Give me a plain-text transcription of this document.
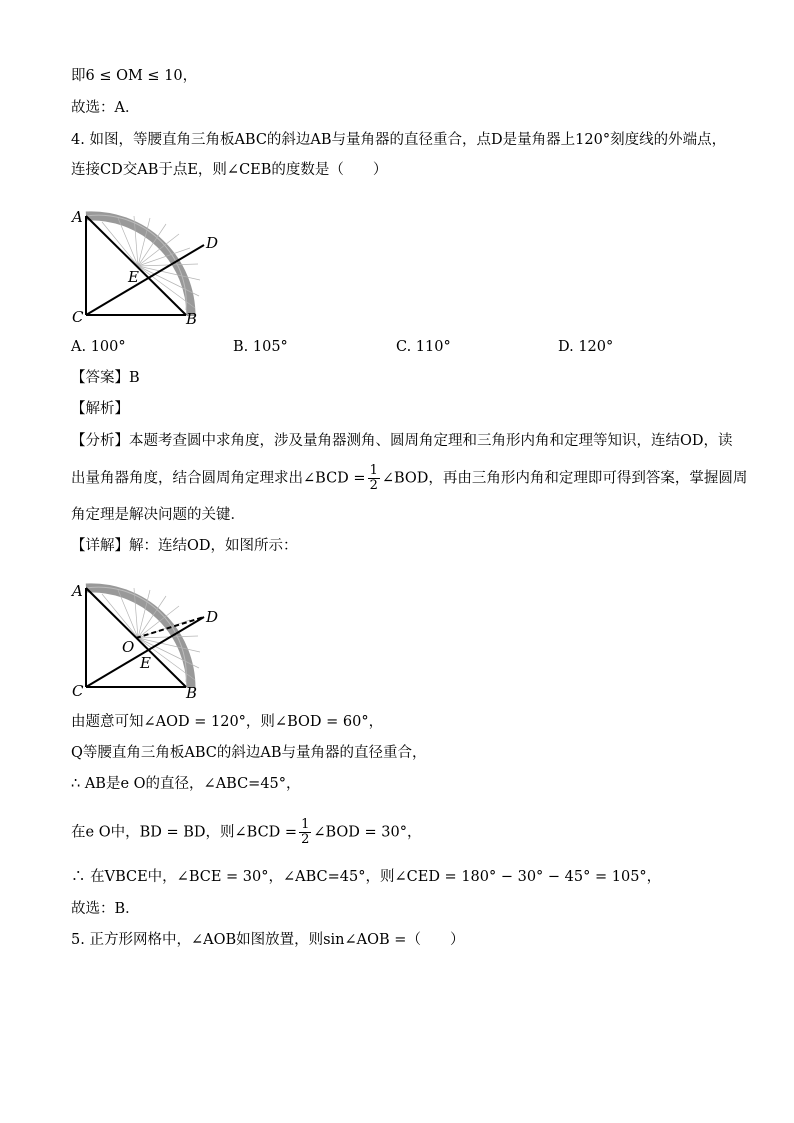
即6 ≤ OM ≤ 10，
故选：A．
4. 如图，等腰直角三角板ABC的斜边AB与量角器的直径重合，点D是量角器上120°刻度线的外端点，
连接CD交AB于点E，则∠CEB的度数是（　　）
A
C	B
D
E
A. 100°	B. 105°	C. 110°	D. 120°
【答案】B
【解析】
【分析】本题考查圆中求角度，涉及量角器测角、圆周角定理和三角形内角和定理等知识，连结OD，读
出量角器角度，结合圆周角定理求出∠BCD = $\frac{1}{2}$ ∠BOD，再由三角形内角和定理即可得到答案，掌握圆周
角定理是解决问题的关键．
【详解】解：连结OD，如图所示：
A
C	B
D
O
E
由题意可知∠AOD = 120°，则∠BOD = 60°，
Q等腰直角三角板ABC的斜边AB与量角器的直径重合，
∴ AB是e O的直径，∠ABC=45°，
在e O中，BD = BD，则∠BCD = $\frac{1}{2}$ ∠BOD = 30°，
∴ 在VBCE中，∠BCE = 30°，∠ABC=45°，则∠CED = 180° − 30° − 45° = 105°，
故选：B．
5. 正方形网格中，∠AOB如图放置，则sin∠AOB =（　　）
